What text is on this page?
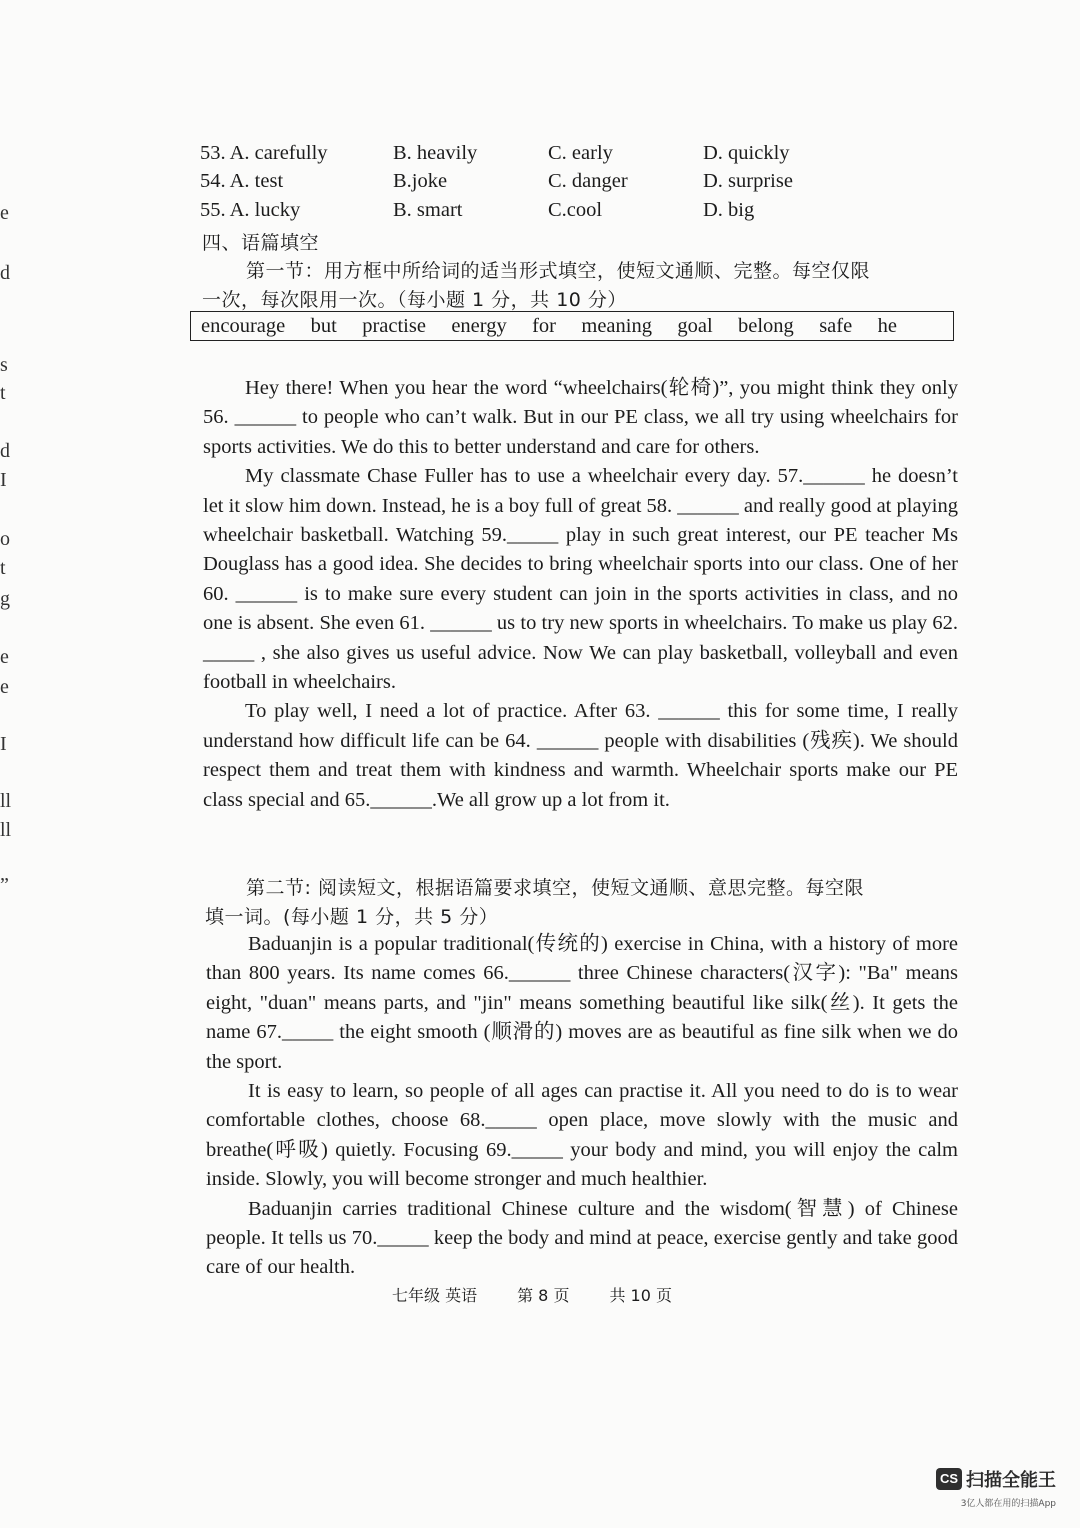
e
d
s
t
d
I
o
t
g
e
e
I
ll
ll
”
53. A. carefully	B. heavily	C. early	D. quickly
54. A. test	B.joke	C. danger	D. surprise
55. A. lucky	B. smart	C.cool	D. big
四、语篇填空
第一节：用方框中所给词的适当形式填空，使短文通顺、完整。每空仅限
一次，每次限用一次。（每小题 1 分，共 10 分）
encourage but practise energy for meaning goal belong safe he

Hey there! When you hear the word “wheelchairs(轮椅)”, you might think they only 56. ______ to people who can’t walk. But in our PE class, we all try using wheelchairs for sports activities. We do this to better understand and care for others.

My classmate Chase Fuller has to use a wheelchair every day. 57.______ he doesn’t let it slow him down. Instead, he is a boy full of great 58. ______ and really good at playing wheelchair basketball. Watching 59._____ play in such great interest, our PE teacher Ms Douglass has a good idea. She decides to bring wheelchair sports into our class. One of her 60. ______ is to make sure every student can join in the sports activities in class, and no one is absent. She even 61. ______ us to try new sports in wheelchairs. To make us play 62. _____ , she also gives us useful advice. Now We can play basketball, volleyball and even football in wheelchairs.

To play well, I need a lot of practice. After 63. ______ this for some time, I really understand how difficult life can be 64. ______ people with disabilities (残疾). We should respect them and treat them with kindness and warmth. Wheelchair sports make our PE class special and 65.______.We all grow up a lot from it.

第二节: 阅读短文，根据语篇要求填空，使短文通顺、意思完整。每空限
填一词。(每小题 1 分，共 5 分）

Baduanjin is a popular traditional(传统的) exercise in China, with a history of more than 800 years. Its name comes 66.______ three Chinese characters(汉字): "Ba" means eight, "duan" means parts, and "jin" means something beautiful like silk(丝). It gets the name 67._____ the eight smooth (顺滑的) moves are as beautiful as fine silk when we do the sport.

It is easy to learn, so people of all ages can practise it. All you need to do is to wear comfortable clothes, choose 68._____ open place, move slowly with the music and breathe(呼吸) quietly. Focusing 69._____ your body and mind, you will enjoy the calm inside. Slowly, you will become stronger and much healthier.

Baduanjin carries traditional Chinese culture and the wisdom(智慧) of Chinese people. It tells us 70._____ keep the body and mind at peace, exercise gently and take good care of our health.

七年级 英语	第 8 页	共 10 页
CS 扫描全能王
3亿人都在用的扫描App
